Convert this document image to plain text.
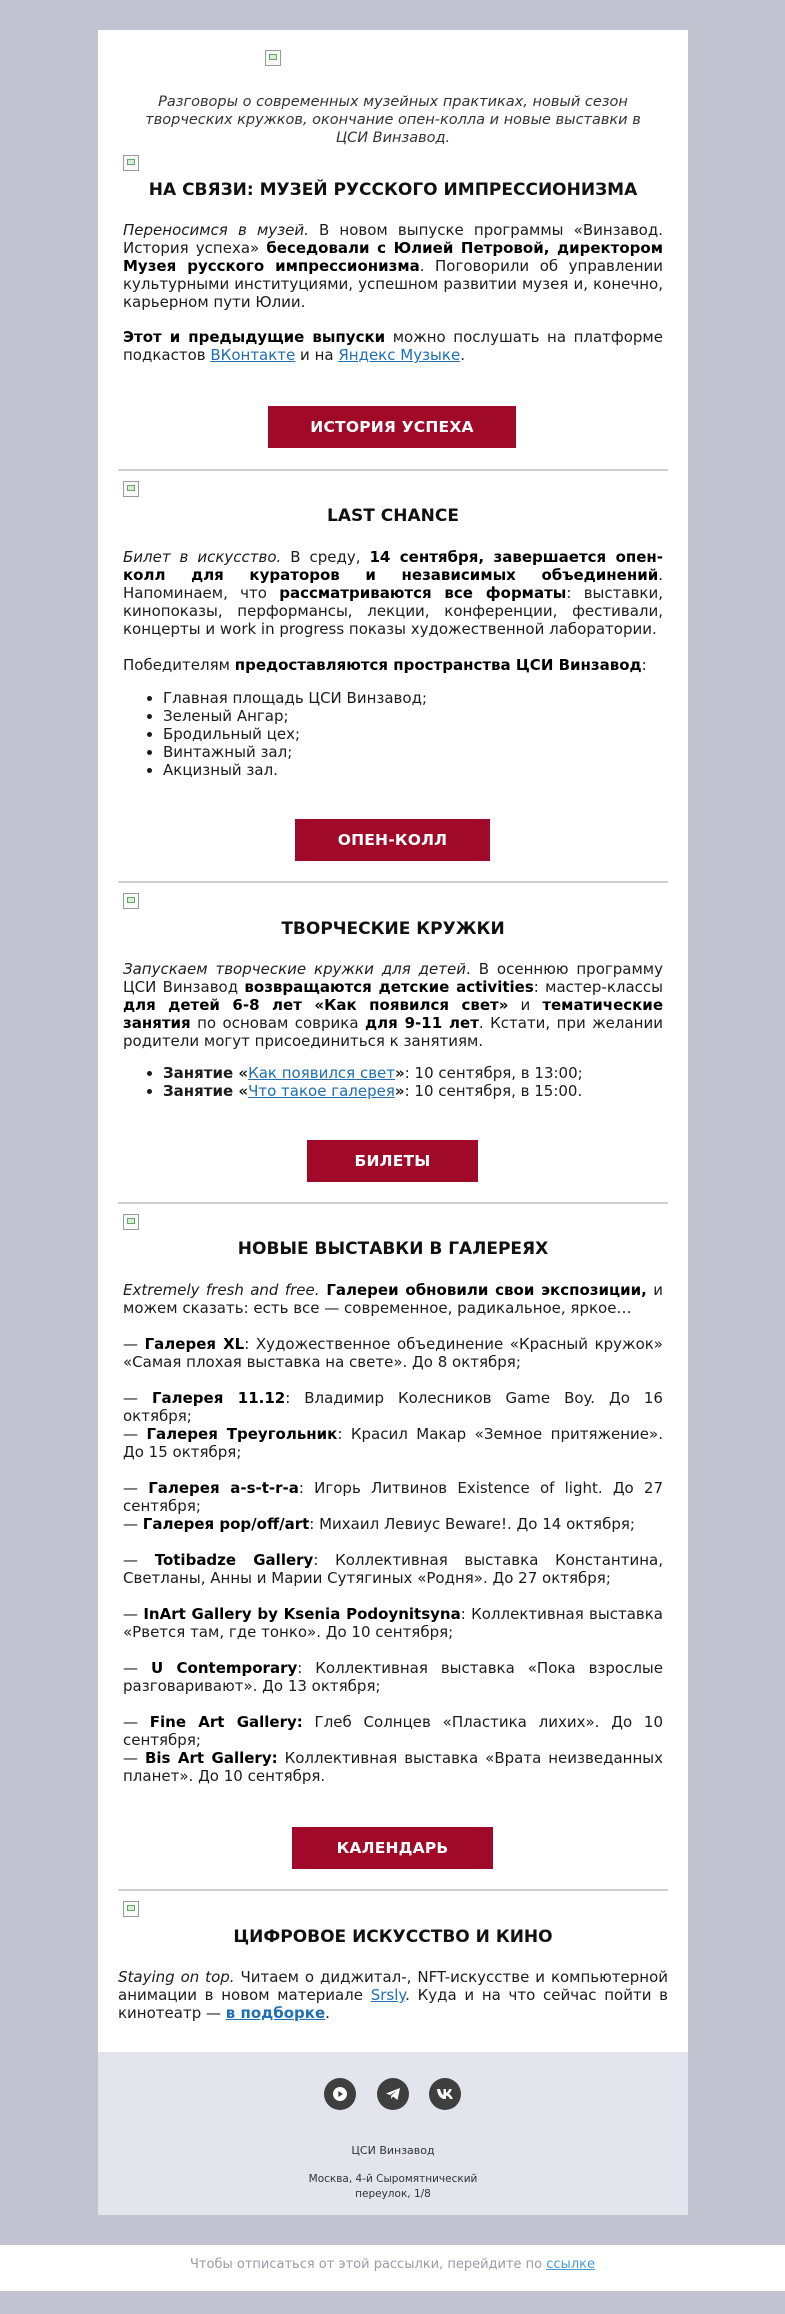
Разговоры о современных музейных практиках, новый сезон творческих кружков, окончание опен-колла и новые выставки в ЦСИ Винзавод.
НА СВЯЗИ: МУЗЕЙ РУССКОГО ИМПРЕССИОНИЗМА
Переносимся в музей. В новом выпуске программы «Винзавод. История успеха» беседовали с Юлией Петровой, директором Музея русского импрессионизма. Поговорили об управлении культурными институциями, успешном развитии музея и, конечно, карьерном пути Юлии.
Этот и предыдущие выпуски можно послушать на платформе подкастов ВКонтакте и на Яндекс Музыке.
ИСТОРИЯ УСПЕХА
LAST CHANCE
Билет в искусство. В среду, 14 сентября, завершается опен-колл для кураторов и независимых объединений. Напоминаем, что рассматриваются все форматы: выставки, кинопоказы, перформансы, лекции, конференции, фестивали, концерты и work in progress показы художественной лаборатории.
Победителям предоставляются пространства ЦСИ Винзавод:
• Главная площадь ЦСИ Винзавод;
• Зеленый Ангар;
• Бродильный цех;
• Винтажный зал;
• Акцизный зал.
ОПЕН-КОЛЛ
ТВОРЧЕСКИЕ КРУЖКИ
Запускаем творческие кружки для детей. В осеннюю программу ЦСИ Винзавод возвращаются детские activities: мастер-классы для детей 6-8 лет «Как появился свет» и тематические занятия по основам соврика для 9-11 лет. Кстати, при желании родители могут присоединиться к занятиям.
• Занятие «Как появился свет»: 10 сентября, в 13:00;
• Занятие «Что такое галерея»: 10 сентября, в 15:00.
БИЛЕТЫ
НОВЫЕ ВЫСТАВКИ В ГАЛЕРЕЯХ
Extremely fresh and free. Галереи обновили свои экспозиции, и можем сказать: есть все — современное, радикальное, яркое…
— Галерея XL: Художественное объединение «Красный кружок» «Самая плохая выставка на свете». До 8 октября;
— Галерея 11.12: Владимир Колесников Game Boy. До 16 октября;
— Галерея Треугольник: Красил Макар «Земное притяжение». До 15 октября;
— Галерея a-s-t-r-a: Игорь Литвинов Existence of light. До 27 сентября;
— Галерея pop/off/art: Михаил Левиус Beware!. До 14 октября;
— Totibadze Gallery: Коллективная выставка Константина, Светланы, Анны и Марии Сутягиных «Родня». До 27 октября;
— InArt Gallery by Ksenia Podoynitsyna: Коллективная выставка «Рвется там, где тонко». До 10 сентября;
— U Contemporary: Коллективная выставка «Пока взрослые разговаривают». До 13 октября;
— Fine Art Gallery: Глеб Солнцев «Пластика лихих». До 10 сентября;
— Bis Art Gallery: Коллективная выставка «Врата неизведанных планет». До 10 сентября.
КАЛЕНДАРЬ
ЦИФРОВОЕ ИСКУССТВО И КИНО
Staying on top. Читаем о диджитал-, NFT-искусстве и компьютерной анимации в новом материале Srsly. Куда и на что сейчас пойти в кинотеатр — в подборке.
ЦСИ Винзавод
Москва, 4-й Сыромятнический
переулок, 1/8
Чтобы отписаться от этой рассылки, перейдите по ссылке
